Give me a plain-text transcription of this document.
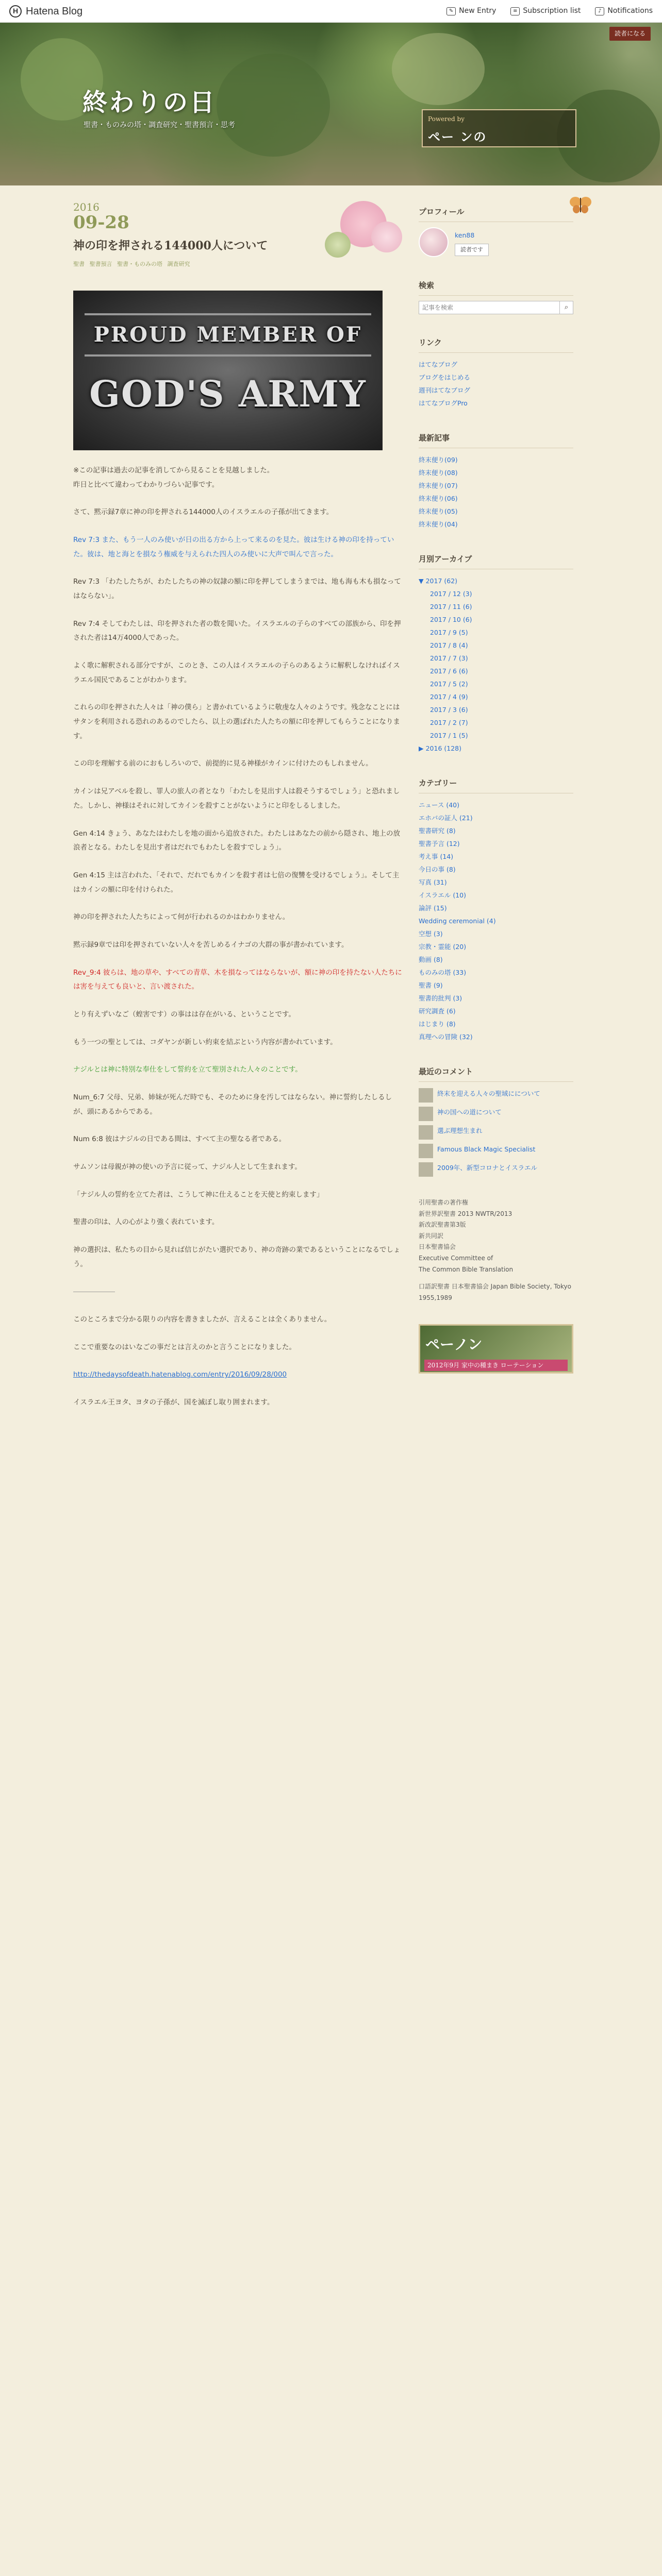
H Hatena Blog	✎ New Entry	≡ Subscription list	♪ Notifications
読者になる
終わりの日
聖書・ものみの塔・調査研究・聖書預言・思考
Powered by
ペー ンの
2016
09-28
神の印を押される144000人について
聖書 聖書預言 聖書・ものみの塔 調査研究
PROUD MEMBER OF
GOD'S ARMY

※この記事は過去の記事を消してから見ることを見越しました。
昨日と比べて違わってわかりづらい記事です。

さて、黙示録7章に神の印を押される144000人のイスラエルの子孫が出てきます。

Rev 7:3 また、もう一人のみ使いが日の出る方から上って来るのを見た。彼は生ける神の印を持っていた。彼は、地と海とを損なう権威を与えられた四人のみ使いに大声で叫んで言った。

Rev 7:3 「わたしたちが、わたしたちの神の奴隷の額に印を押してしまうまでは、地も海も木も損なってはならない」。

Rev 7:4 そしてわたしは、印を押された者の数を聞いた。イスラエルの子らのすべての部族から、印を押された者は14万4000人であった。

よく歌に解釈される部分ですが、このとき、この人はイスラエルの子らのあるように解釈しなければイスラエル国民であることがわかります。

これらの印を押された人々は「神の僕ら」と書かれているように敬虔な人々のようです。残念なことにはサタンを利用される恐れのあるのでしたら、以上の選ばれた人たちの額に印を押してもらうことになります。

この印を理解する前のにおもしろいので、前提的に見る神様がカインに付けたのもしれません。

カインは兄アベルを殺し、罪人の旅人の者となり「わたしを見出す人は殺そうするでしょう」と恐れました。しかし、神様はそれに対してカインを殺すことがないようにと印をしるしました。

Gen 4:14 きょう、あなたはわたしを地の面から追放された。わたしはあなたの前から隠され、地上の放浪者となる。わたしを見出す者はだれでもわたしを殺すでしょう」。

Gen 4:15 主は言われた、「それで、だれでもカインを殺す者は七倍の復讐を受けるでしょう」。そして主はカインの額に印を付けられた。

神の印を押された人たちによって何が行われるのかはわかりません。

黙示録9章では印を押されていない人々を苦しめるイナゴの大群の事が書かれています。

Rev_9:4 彼らは、地の草や、すべての青草、木を損なってはならないが、額に神の印を持たない人たちには害を与えても良いと、言い渡された。

とり有えずいなご（蝗害です）の事はは存在がいる、ということです。

もう一つの聖としては、コダヤンが新しい約束を結ぶという内容が書かれています。

ナジルとは神に特別な奉仕をして誓約を立て聖別された人々のことです。

Num_6:7 父母、兄弟、姉妹が死んだ時でも、そのために身を汚してはならない。神に誓約したしるしが、頭にあるからである。

Num 6:8 彼はナジルの日である間は、すべて主の聖なる者である。

サムソンは母親が神の使いの予言に従って、ナジル人として生まれます。

「ナジル人の誓約を立てた者は、こうして神に仕えることを天使と約束します」

聖書の印は、人の心がより強く表れています。

神の選択は、私たちの目から見れば信じがたい選択であり、神の奇跡の業であるということになるでしょう。

――――――

このところまで分かる限りの内容を書きましたが、言えることは全くありません。

ここで重要なのはいなごの事だとは言えのかと言うことになりました。

http://thedaysofdeath.hatenablog.com/entry/2016/09/28/000

イスラエル王ヨタ、ヨタの子孫が、国を滅ぼし取り囲まれます。

プロフィール
ken88
読者です
検索
記事を検索
⌕
リンク
はてなブログ
ブログをはじめる
週刊はてなブログ
はてなブログPro
最新記事
終末便り(09)
終末便り(08)
終末便り(07)
終末便り(06)
終末便り(05)
終末便り(04)
月別アーカイブ
▼ 2017 (62)
2017 / 12 (3)
2017 / 11 (6)
2017 / 10 (6)
2017 / 9 (5)
2017 / 8 (4)
2017 / 7 (3)
2017 / 6 (6)
2017 / 5 (2)
2017 / 4 (9)
2017 / 3 (6)
2017 / 2 (7)
2017 / 1 (5)
▶ 2016 (128)
カテゴリー
ニュース (40)
エホバの証人 (21)
聖書研究 (8)
聖書予言 (12)
考え事 (14)
今日の事 (8)
写真 (31)
イスラエル (10)
論評 (15)
Wedding ceremonial (4)
空想 (3)
宗教・霊能 (20)
動画 (8)
ものみの塔 (33)
聖書 (9)
聖書的批判 (3)
研究調査 (6)
はじまり (8)
真理への冒険 (32)
最近のコメント
終末を迎える人々の聖域にについて
神の国への道について
選ぶ理想生まれ
Famous Black Magic Specialist
2009年、新型コロナとイスラエル
引用聖書の著作権
新世界訳聖書 2013 NWTR/2013
新改訳聖書第3版
新共同訳
日本聖書協会
Executive Committee of
The Common Bible Translation
口語訳聖書 日本聖書協会 Japan Bible Society, Tokyo 1955,1989
ペーノン
2012年9月 家中の種まき ローテーション
